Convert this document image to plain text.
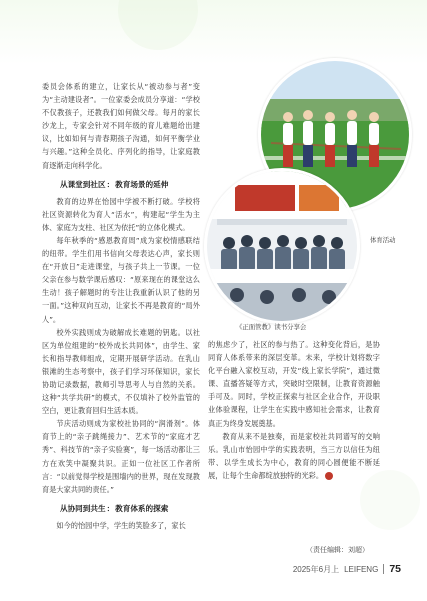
委员会体系的建立，让家长从“被动参与者”变为“主动建设者”。一位家委会成员分享道：“学校不仅教孩子，还教我们如何做父母。每月的家长沙龙上，专家会针对不同年级的育儿难题给出建议，比如如何与青春期孩子沟通，如何平衡学业与兴趣。”这种全员化、序列化的指导，让家庭教育逐渐走向科学化。

从课堂到社区：教育场景的延伸

教育的边界在怡园中学被不断打破。学校将社区资源转化为育人“活水”，构建起“学生为主体、家庭为支柱、社区为依托”的立体化模式。

每年秋季的“感恩教育周”成为家校情感联结的纽带。学生们用书信向父母表达心声，家长则在“开放日”走进课堂，与孩子共上一节课。一位父亲在参与数学课后感叹：“原来现在的课堂这么生动！孩子解题时的专注让我重新认识了他的另一面。”这种双向互动，让家长不再是教育的“局外人”。

校外实践则成为破解成长难题的钥匙。以社区为单位组建的“校外成长共同体”，由学生、家长和指导教师组成，定期开展研学活动。在乳山银滩的生态考察中，孩子们学习环保知识，家长协助记录数据，教师引导思考人与自然的关系。这种“共学共研”的模式，不仅填补了校外监管的空白，更让教育回归生活本质。

节庆活动则成为家校社协同的“润滑剂”。体育节上的“亲子跳绳接力”、艺术节的“家庭才艺秀”、科技节的“亲子实验赛”，每一场活动都让三方在欢笑中凝聚共识。正如一位社区工作者所言：“以前觉得学校是围墙内的世界，现在发现教育是大家共同的责任。”

从协同到共生：教育体系的探索

如今的怡园中学，学生的笑脸多了，家长

体育活动
《正面管教》读书分享会

的焦虑少了，社区的参与热了。这种变化背后，是协同育人体系带来的深层变革。未来，学校计划将数字化平台融入家校互动，开发“线上家长学院”，通过微课、直播答疑等方式，突破时空限制，让教育资源触手可及。同时，学校正探索与社区企业合作，开设职业体验课程，让学生在实践中感知社会需求，让教育真正为终身发展奠基。

教育从来不是独奏，而是家校社共同谱写的交响乐。乳山市怡园中学的实践表明，当三方以信任为纽带、以学生成长为中心，教育的同心圆便能不断延展，让每个生命都绽放独特的光彩。

（责任编辑：刘超）
2025年6月上 LEIFENG 75
